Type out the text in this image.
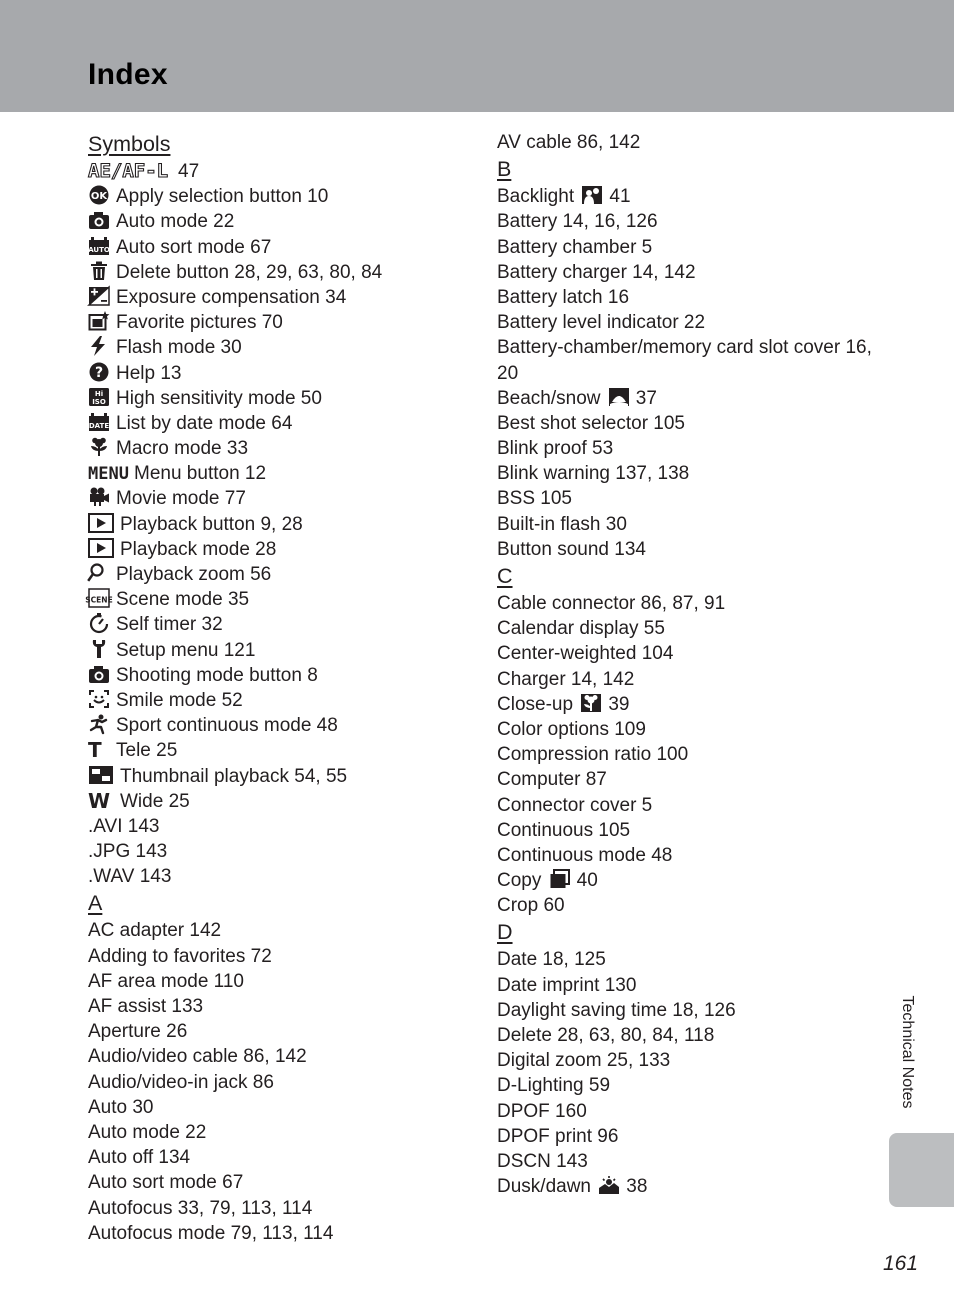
Index
Symbols
AE/AF-L 47
OK Apply selection button 10
Auto mode 22
AUTO Auto sort mode 67
Delete button 28, 29, 63, 80, 84
Exposure compensation 34
Favorite pictures 70
Flash mode 30
? Help 13
Hi
ISO High sensitivity mode 50
DATE List by date mode 64
Macro mode 33
MENU Menu button 12
Movie mode 77
Playback button 9, 28
Playback mode 28
Playback zoom 56
SCENE Scene mode 35
Self timer 32
Setup menu 121
Shooting mode button 8
Smile mode 52
Sport continuous mode 48
T Tele 25
Thumbnail playback 54, 55
W Wide 25
.AVI 143
.JPG 143
.WAV 143
A
AC adapter 142
Adding to favorites 72
AF area mode 110
AF assist 133
Aperture 26
Audio/video cable 86, 142
Audio/video-in jack 86
Auto 30
Auto mode 22
Auto off 134
Auto sort mode 67
Autofocus 33, 79, 113, 114
Autofocus mode 79, 113, 114
AV cable 86, 142
B
Backlight 41
Battery 14, 16, 126
Battery chamber 5
Battery charger 14, 142
Battery latch 16
Battery level indicator 22
Battery-chamber/memory card slot cover 16, 20
Beach/snow 37
Best shot selector 105
Blink proof 53
Blink warning 137, 138
BSS 105
Built-in flash 30
Button sound 134
C
Cable connector 86, 87, 91
Calendar display 55
Center-weighted 104
Charger 14, 142
Close-up 39
Color options 109
Compression ratio 100
Computer 87
Connector cover 5
Continuous 105
Continuous mode 48
Copy 40
Crop 60
D
Date 18, 125
Date imprint 130
Daylight saving time 18, 126
Delete 28, 63, 80, 84, 118
Digital zoom 25, 133
D-Lighting 59
DPOF 160
DPOF print 96
DSCN 143
Dusk/dawn 38
Technical Notes
161
